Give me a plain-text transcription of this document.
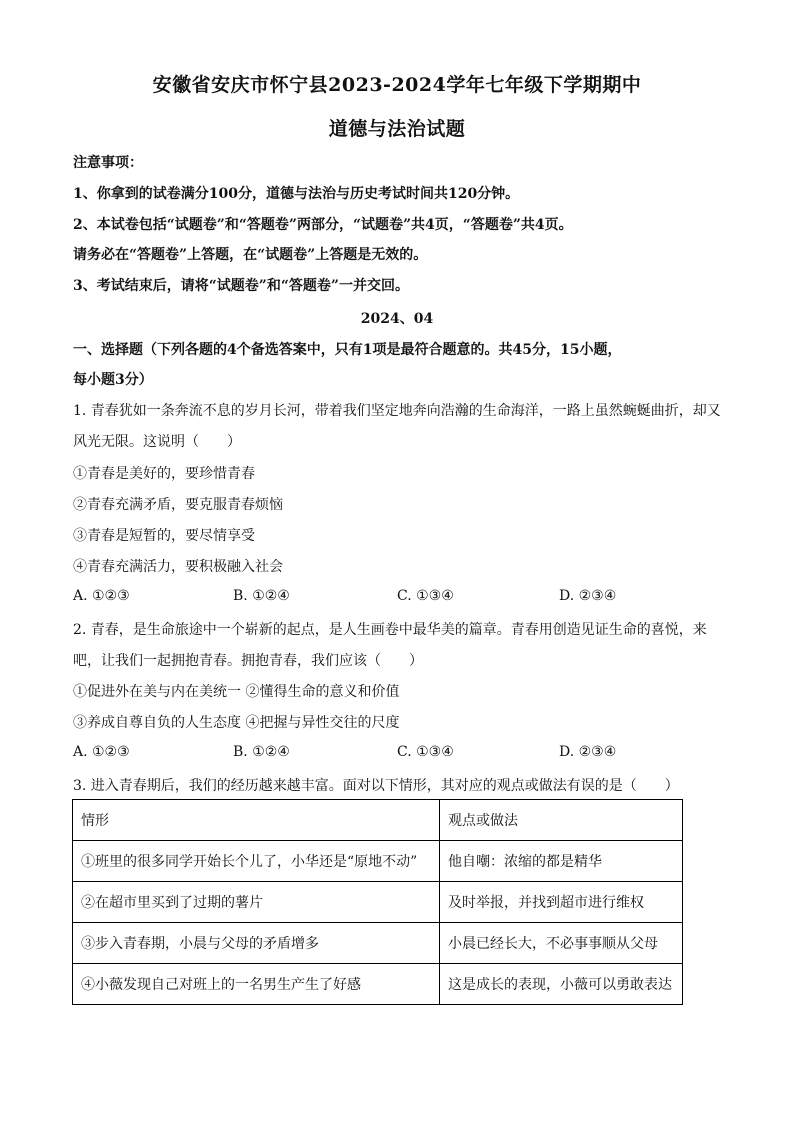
安徽省安庆市怀宁县2023-2024学年七年级下学期期中
道德与法治试题
注意事项：
1、你拿到的试卷满分100分，道德与法治与历史考试时间共120分钟。
2、本试卷包括“试题卷”和“答题卷”两部分，“试题卷”共4页，“答题卷”共4页。
请务必在“答题卷”上答题，在“试题卷”上答题是无效的。
3、考试结束后，请将“试题卷”和“答题卷”一并交回。
2024、04
一、选择题（下列各题的4个备选答案中，只有1项是最符合题意的。共45分，15小题，
每小题3分）
1. 青春犹如一条奔流不息的岁月长河，带着我们坚定地奔向浩瀚的生命海洋，一路上虽然蜿蜒曲折，却又
风光无限。这说明（　　）
①青春是美好的，要珍惜青春
②青春充满矛盾，要克服青春烦恼
③青春是短暂的，要尽情享受
④青春充满活力，要积极融入社会
A. ①②③	B. ①②④	C. ①③④	D. ②③④
2. 青春，是生命旅途中一个崭新的起点，是人生画卷中最华美的篇章。青春用创造见证生命的喜悦，来
吧，让我们一起拥抱青春。拥抱青春，我们应该（　　）
①促进外在美与内在美统一 ②懂得生命的意义和价值
③养成自尊自负的人生态度 ④把握与异性交往的尺度
A. ①②③	B. ①②④	C. ①③④	D. ②③④
3. 进入青春期后，我们的经历越来越丰富。面对以下情形，其对应的观点或做法有误的是（　　）
情形	观点或做法
①班里的很多同学开始长个儿了，小华还是“原地不动”	他自嘲：浓缩的都是精华
②在超市里买到了过期的薯片	及时举报，并找到超市进行维权
③步入青春期，小晨与父母的矛盾增多	小晨已经长大，不必事事顺从父母
④小薇发现自己对班上的一名男生产生了好感	这是成长的表现，小薇可以勇敢表达
